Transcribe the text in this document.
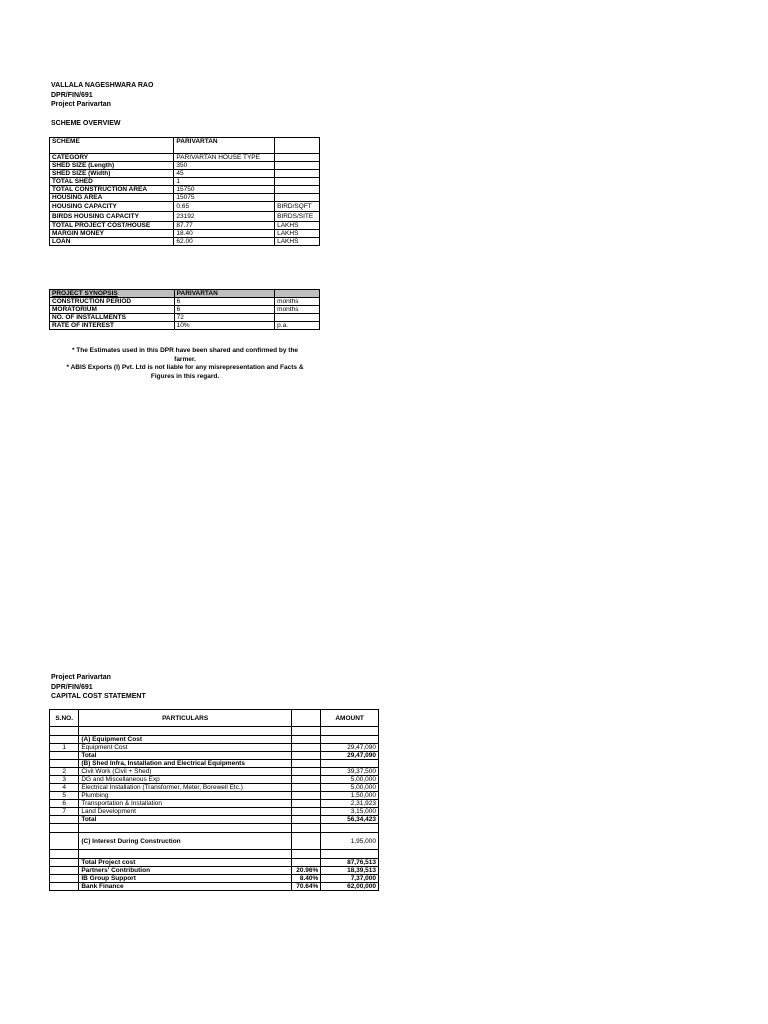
VALLALA NAGESHWARA RAO
DPR/FIN/691
Project Parivartan
SCHEME OVERVIEW
SCHEME	PARIVARTAN	
CATEGORY	PARIVARTAN HOUSE TYPE	
SHED SIZE (Length)	350	
SHED SIZE (Width)	45	
TOTAL SHED	1	
TOTAL CONSTRUCTION AREA	15750	
HOUSING AREA	15075	
HOUSING CAPACITY	0.65	BIRD/SQFT
BIRDS HOUSING CAPACITY	23192	BIRDS/SITE
TOTAL PROJECT COST/HOUSE	87.77	LAKHS
MARGIN MONEY	18.40	LAKHS
LOAN	62.00	LAKHS
PROJECT SYNOPSIS	PARIVARTAN	
CONSTRUCTION PERIOD	6	months
MORATORIUM	6	months
NO. OF INSTALLMENTS	72	
RATE OF INTEREST	10%	p.a.
* The Estimates used in this DPR have been shared and confirmed by the
farmer.
* ABIS Exports (I) Pvt. Ltd is not liable for any misrepresentation and Facts &
Figures in this regard.
Project Parivartan
DPR/FIN/691
CAPITAL COST STATEMENT
S.NO.	PARTICULARS		AMOUNT

	(A) Equipment Cost		
1	Equipment Cost		29,47,090
	Total		29,47,090
	(B) Shed Infra, Installation and Electrical Equipments		
2	Civil Work (Civil + Shed)		39,37,500
3	DG and Miscellaneous Exp		5,00,000
4	Electrical Installation (Transformer, Meter, Borewell Etc.)		5,00,000
5	Plumbing		1,50,000
6	Transportation & Installation		2,31,923
7	Land Development		3,15,000
	Total		56,34,423

	(C) Interest During Construction		1,95,000

	Total Project cost		87,76,513
	Partners' Contribution	20.96%	18,39,513
	IB Group Support	8.40%	7,37,000
	Bank Finance	70.64%	62,00,000
